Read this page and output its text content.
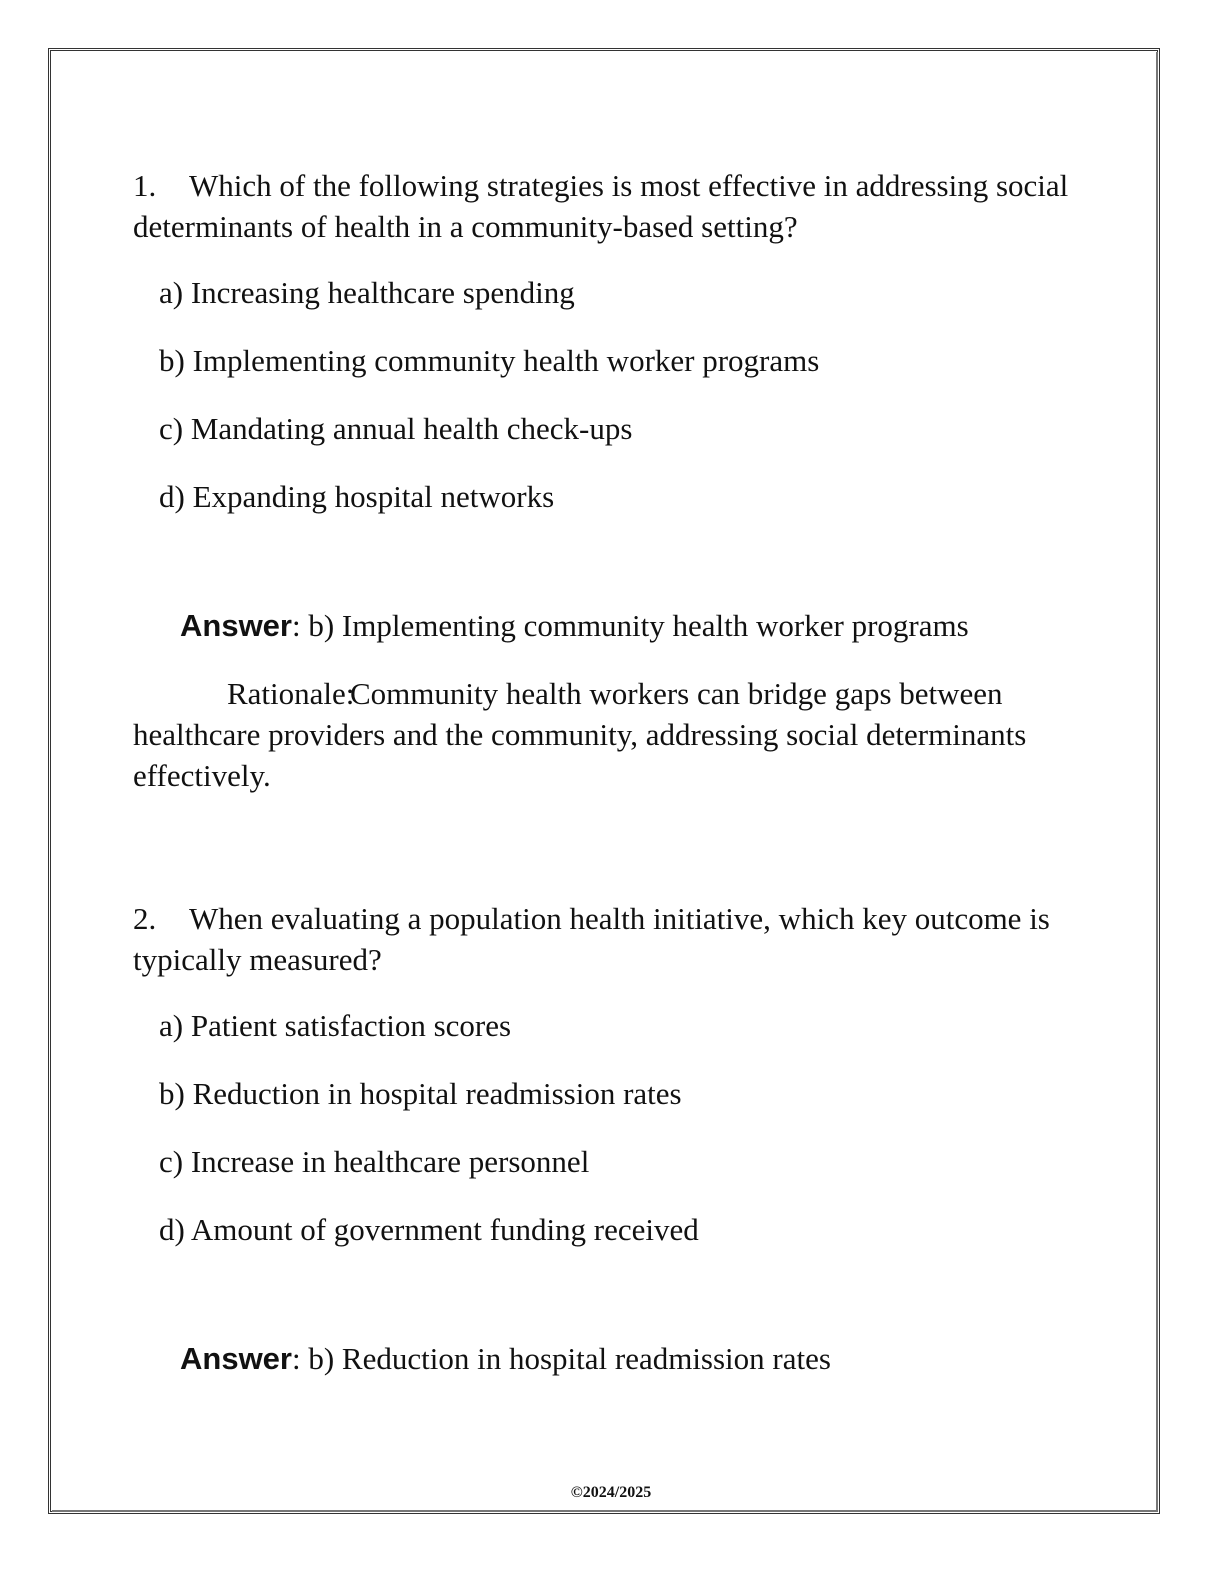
1. Which of the following strategies is most effective in addressing social determinants of health in a community-based setting?

a) Increasing healthcare spending
b) Implementing community health worker programs
c) Mandating annual health check-ups
d) Expanding hospital networks

Answer: b) Implementing community health worker programs

Rationale:Community health workers can bridge gaps between healthcare providers and the community, addressing social determinants effectively.

2. When evaluating a population health initiative, which key outcome is typically measured?

a) Patient satisfaction scores
b) Reduction in hospital readmission rates
c) Increase in healthcare personnel
d) Amount of government funding received

Answer: b) Reduction in hospital readmission rates

©2024/2025
